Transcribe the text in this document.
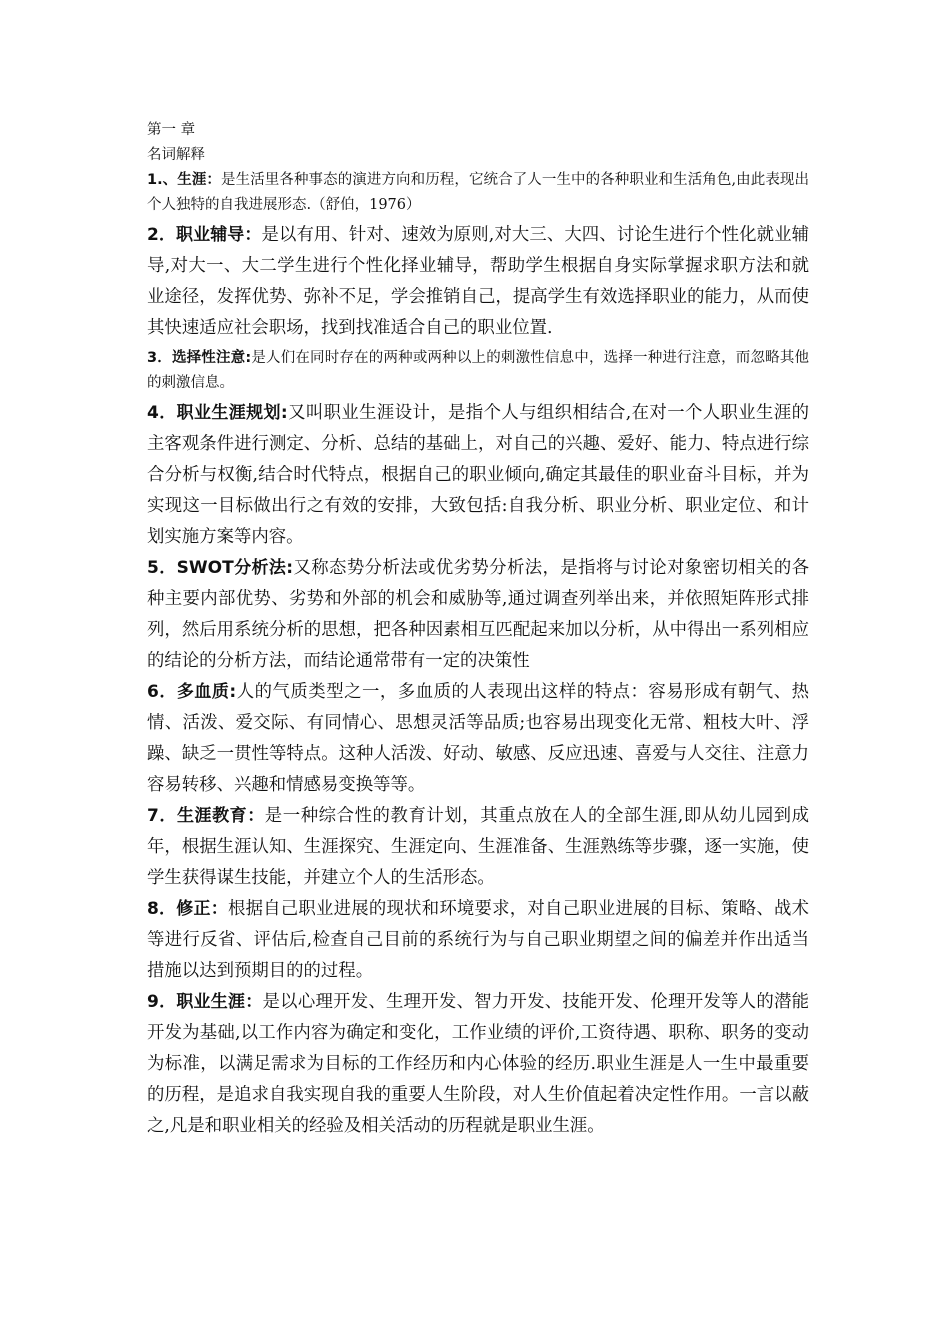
第一 章

名词解释

1.、生涯：是生活里各种事态的演进方向和历程，它统合了人一生中的各种职业和生活角色,由此表现出个人独特的自我进展形态.（舒伯，1976）

2．职业辅导：是以有用、针对、速效为原则,对大三、大四、讨论生进行个性化就业辅导,对大一、大二学生进行个性化择业辅导，帮助学生根据自身实际掌握求职方法和就业途径，发挥优势、弥补不足，学会推销自己，提高学生有效选择职业的能力，从而使其快速适应社会职场，找到找准适合自己的职业位置.

3．选择性注意:是人们在同时存在的两种或两种以上的刺激性信息中，选择一种进行注意，而忽略其他的刺激信息。

4．职业生涯规划:又叫职业生涯设计，是指个人与组织相结合,在对一个人职业生涯的主客观条件进行测定、分析、总结的基础上，对自己的兴趣、爱好、能力、特点进行综合分析与权衡,结合时代特点，根据自己的职业倾向,确定其最佳的职业奋斗目标，并为实现这一目标做出行之有效的安排，大致包括:自我分析、职业分析、职业定位、和计划实施方案等内容。

5．SWOT分析法:又称态势分析法或优劣势分析法，是指将与讨论对象密切相关的各种主要内部优势、劣势和外部的机会和威胁等,通过调查列举出来，并依照矩阵形式排列，然后用系统分析的思想，把各种因素相互匹配起来加以分析，从中得出一系列相应的结论的分析方法，而结论通常带有一定的决策性

6．多血质:人的气质类型之一，多血质的人表现出这样的特点：容易形成有朝气、热情、活泼、爱交际、有同情心、思想灵活等品质;也容易出现变化无常、粗枝大叶、浮躁、缺乏一贯性等特点。这种人活泼、好动、敏感、反应迅速、喜爱与人交往、注意力容易转移、兴趣和情感易变换等等。

7．生涯教育：是一种综合性的教育计划，其重点放在人的全部生涯,即从幼儿园到成年，根据生涯认知、生涯探究、生涯定向、生涯准备、生涯熟练等步骤，逐一实施，使学生获得谋生技能，并建立个人的生活形态。

8．修正：根据自己职业进展的现状和环境要求，对自己职业进展的目标、策略、战术等进行反省、评估后,检查自己目前的系统行为与自己职业期望之间的偏差并作出适当措施以达到预期目的的过程。

9．职业生涯：是以心理开发、生理开发、智力开发、技能开发、伦理开发等人的潜能开发为基础,以工作内容为确定和变化，工作业绩的评价,工资待遇、职称、职务的变动为标准，以满足需求为目标的工作经历和内心体验的经历.职业生涯是人一生中最重要的历程，是追求自我实现自我的重要人生阶段，对人生价值起着决定性作用。一言以蔽之,凡是和职业相关的经验及相关活动的历程就是职业生涯。
